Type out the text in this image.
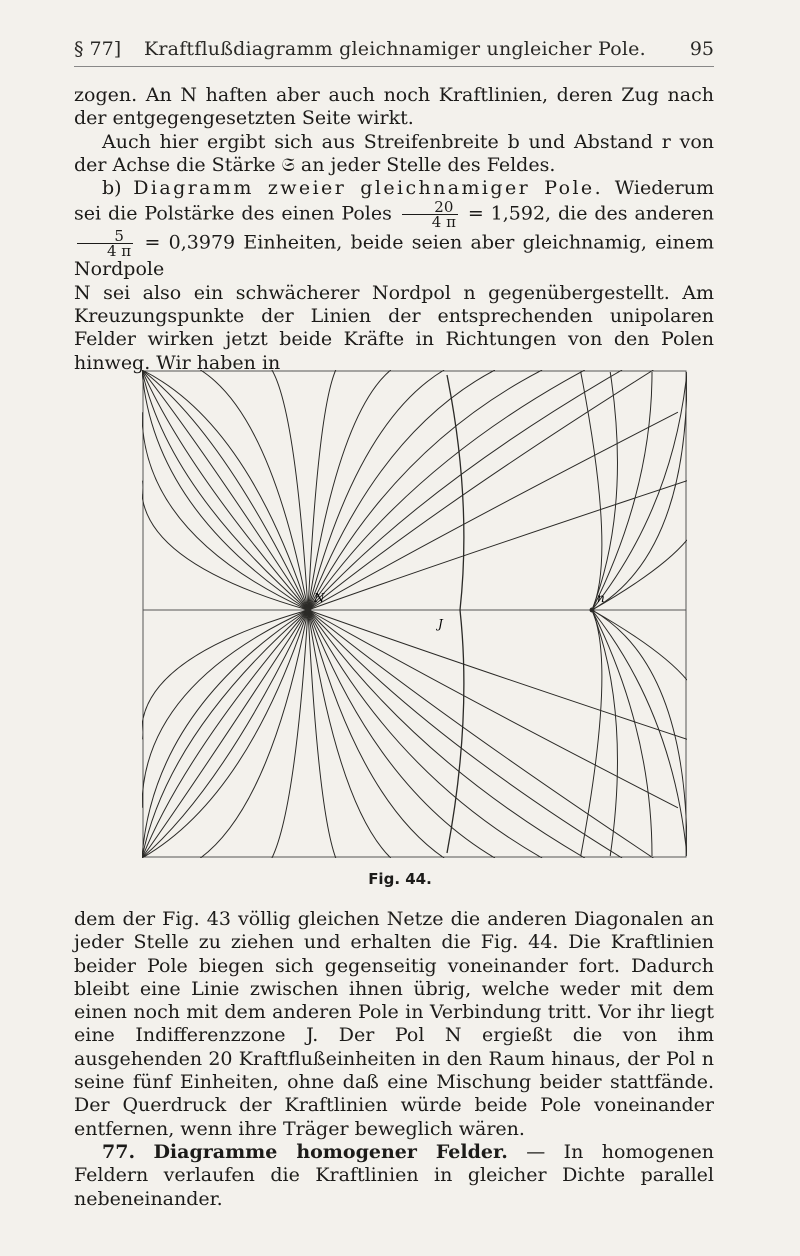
§ 77] Kraftflußdiagramm gleichnamiger ungleicher Pole. 95

zogen. An N haften aber auch noch Kraftlinien, deren Zug nach der entgegengesetzten Seite wirkt.

Auch hier ergibt sich aus Streifenbreite b und Abstand r von der Achse die Stärke 𝔖 an jeder Stelle des Feldes.

b) Diagramm zweier gleichnamiger Pole. Wiederum sei die Polstärke des einen Poles $\frac{20}{4 \pi} = 1,592$, die des anderen
$\frac{5}{4 \pi} = 0,3979$ Einheiten, beide seien aber gleichnamig, einem Nordpole

N sei also ein schwächerer Nordpol n gegenübergestellt. Am Kreuzungspunkte der Linien der entsprechenden unipolaren Felder wirken jetzt beide Kräfte in Richtungen von den Polen hinweg. Wir haben in

N	n
J
Fig. 44.

dem der Fig. 43 völlig gleichen Netze die anderen Diagonalen an jeder Stelle zu ziehen und erhalten die Fig. 44. Die Kraftlinien beider Pole biegen sich gegenseitig voneinander fort. Dadurch bleibt eine Linie zwischen ihnen übrig, welche weder mit dem einen noch mit dem anderen Pole in Verbindung tritt. Vor ihr liegt eine Indifferenzzone J. Der Pol N ergießt die von ihm ausgehenden 20 Kraftflußeinheiten in den Raum hinaus, der Pol n seine fünf Einheiten, ohne daß eine Mischung beider stattfände. Der Querdruck der Kraftlinien würde beide Pole voneinander entfernen, wenn ihre Träger beweglich wären.

77. Diagramme homogener Felder. — In homogenen Feldern verlaufen die Kraftlinien in gleicher Dichte parallel nebeneinander.
